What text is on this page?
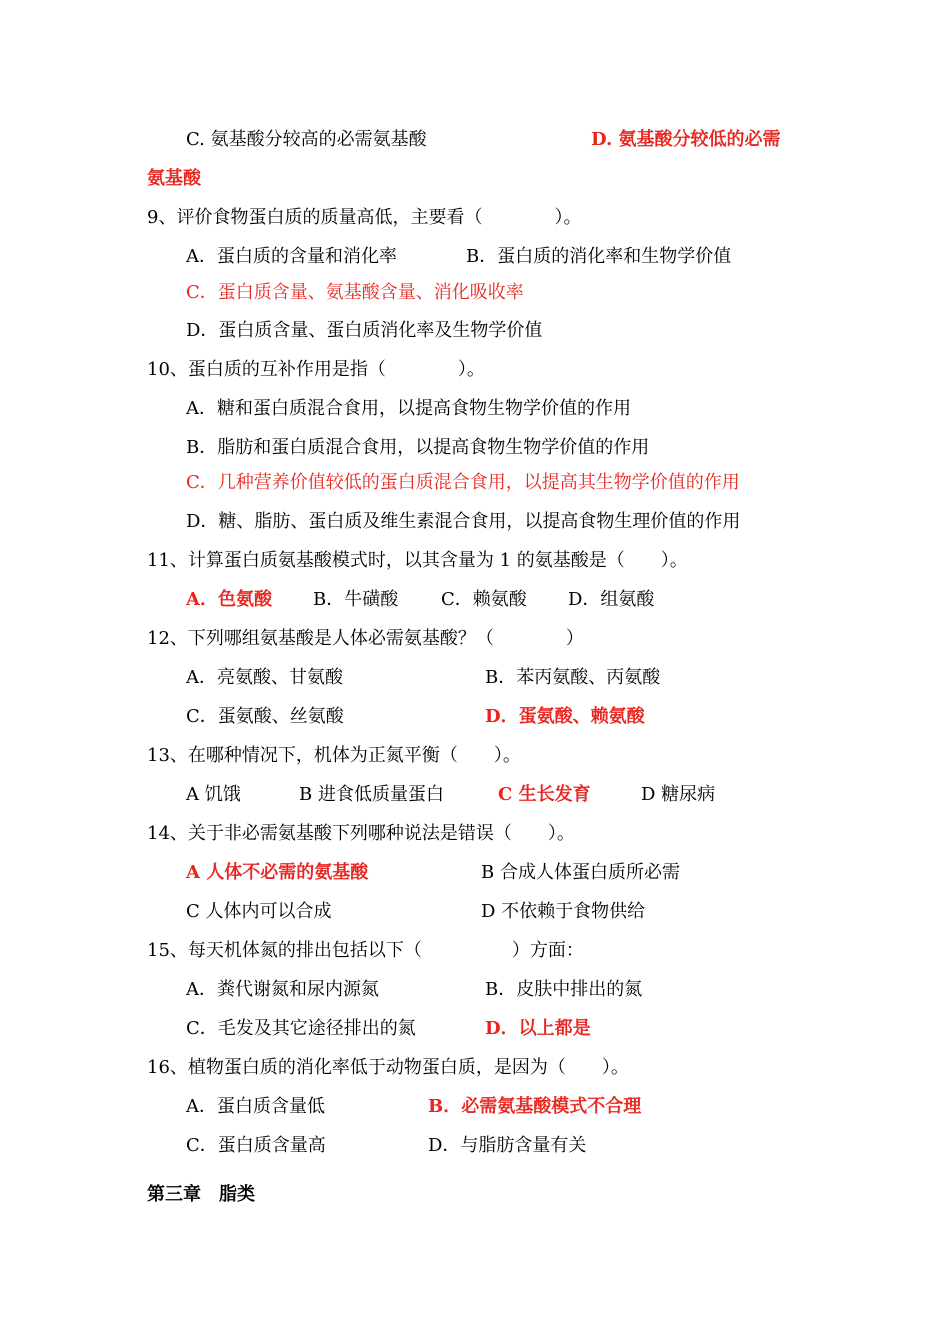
C. 氨基酸分较高的必需氨基酸	D. 氨基酸分较低的必需
氨基酸
9、评价食物蛋白质的质量高低，主要看（　　　　）。
A．蛋白质的含量和消化率	B．蛋白质的消化率和生物学价值
C．蛋白质含量、氨基酸含量、消化吸收率
D．蛋白质含量、蛋白质消化率及生物学价值
10、蛋白质的互补作用是指（　　　　）。
A．糖和蛋白质混合食用，以提高食物生物学价值的作用
B．脂肪和蛋白质混合食用，以提高食物生物学价值的作用
C．几种营养价值较低的蛋白质混合食用，以提高其生物学价值的作用
D．糖、脂肪、蛋白质及维生素混合食用，以提高食物生理价值的作用
11、计算蛋白质氨基酸模式时，以其含量为 1 的氨基酸是（　　）。
A．色氨酸 B．牛磺酸 C．赖氨酸 D．组氨酸
12、下列哪组氨基酸是人体必需氨基酸？（　　　　）
A．亮氨酸、甘氨酸	B．苯丙氨酸、丙氨酸
C．蛋氨酸、丝氨酸	D．蛋氨酸、赖氨酸
13、在哪种情况下，机体为正氮平衡（　　）。
A 饥饿	B 进食低质量蛋白	C 生长发育	D 糖尿病
14、关于非必需氨基酸下列哪种说法是错误（　　）。
A 人体不必需的氨基酸	B 合成人体蛋白质所必需
C 人体内可以合成	D 不依赖于食物供给
15、每天机体氮的排出包括以下（　　　　　）方面：
A．粪代谢氮和尿内源氮	B．皮肤中排出的氮
C．毛发及其它途径排出的氮	D．以上都是
16、植物蛋白质的消化率低于动物蛋白质，是因为（　　）。
A．蛋白质含量低	B．必需氨基酸模式不合理
C．蛋白质含量高	D．与脂肪含量有关
第三章　脂类
